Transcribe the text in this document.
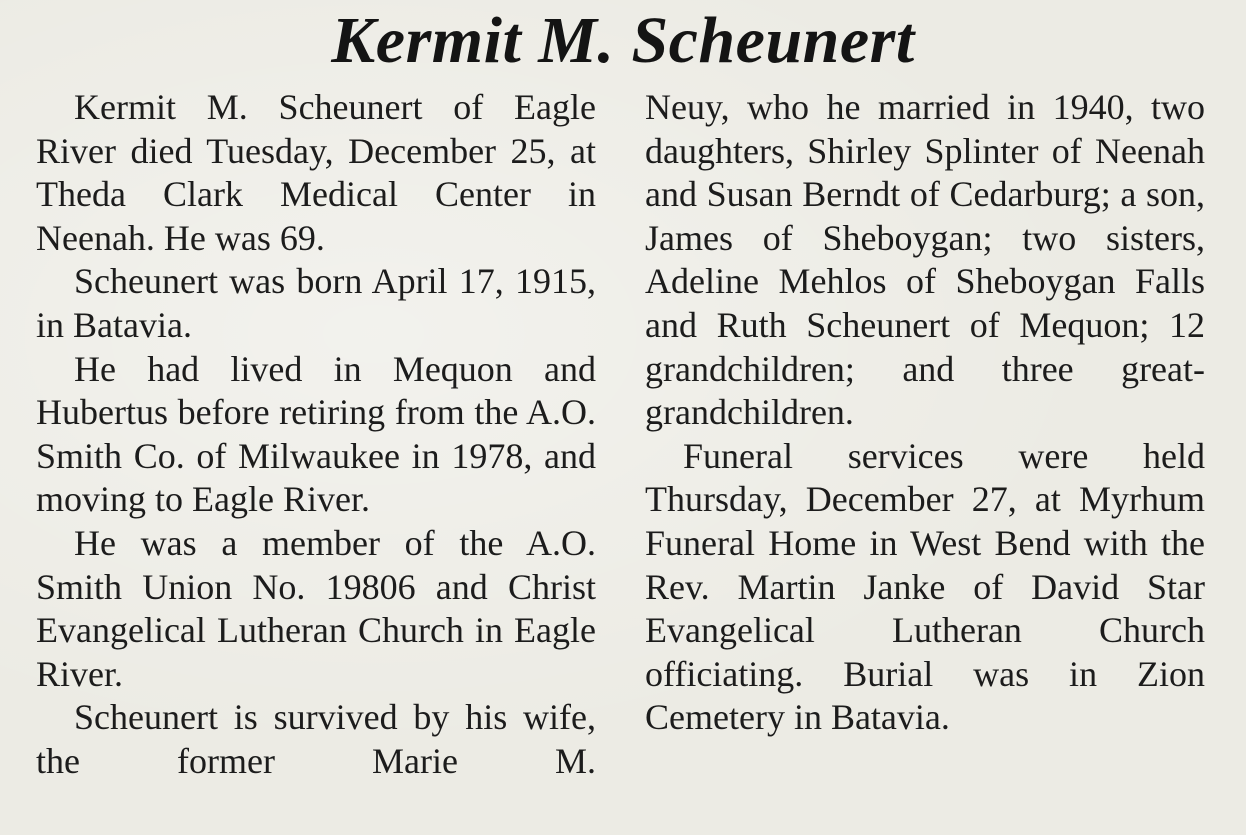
Kermit M. Scheunert

Kermit M. Scheunert of Eagle River died Tuesday, December 25, at Theda Clark Medical Center in Neenah. He was 69.

Scheunert was born April 17, 1915, in Batavia.

He had lived in Mequon and Hubertus before retiring from the A.O. Smith Co. of Milwaukee in 1978, and moving to Eagle River.

He was a member of the A.O. Smith Union No. 19806 and Christ Evangelical Lutheran Church in Eagle River.

Scheunert is survived by his wife, the former Marie M.

Neuy, who he married in 1940, two daughters, Shirley Splinter of Neenah and Susan Berndt of Cedarburg; a son, James of Sheboygan; two sisters, Adeline Mehlos of Sheboygan Falls and Ruth Scheunert of Mequon; 12 grandchildren; and three great-grandchildren.

Funeral services were held Thursday, December 27, at Myrhum Funeral Home in West Bend with the Rev. Martin Janke of David Star Evangelical Lutheran Church officiating. Burial was in Zion Cemetery in Batavia.
